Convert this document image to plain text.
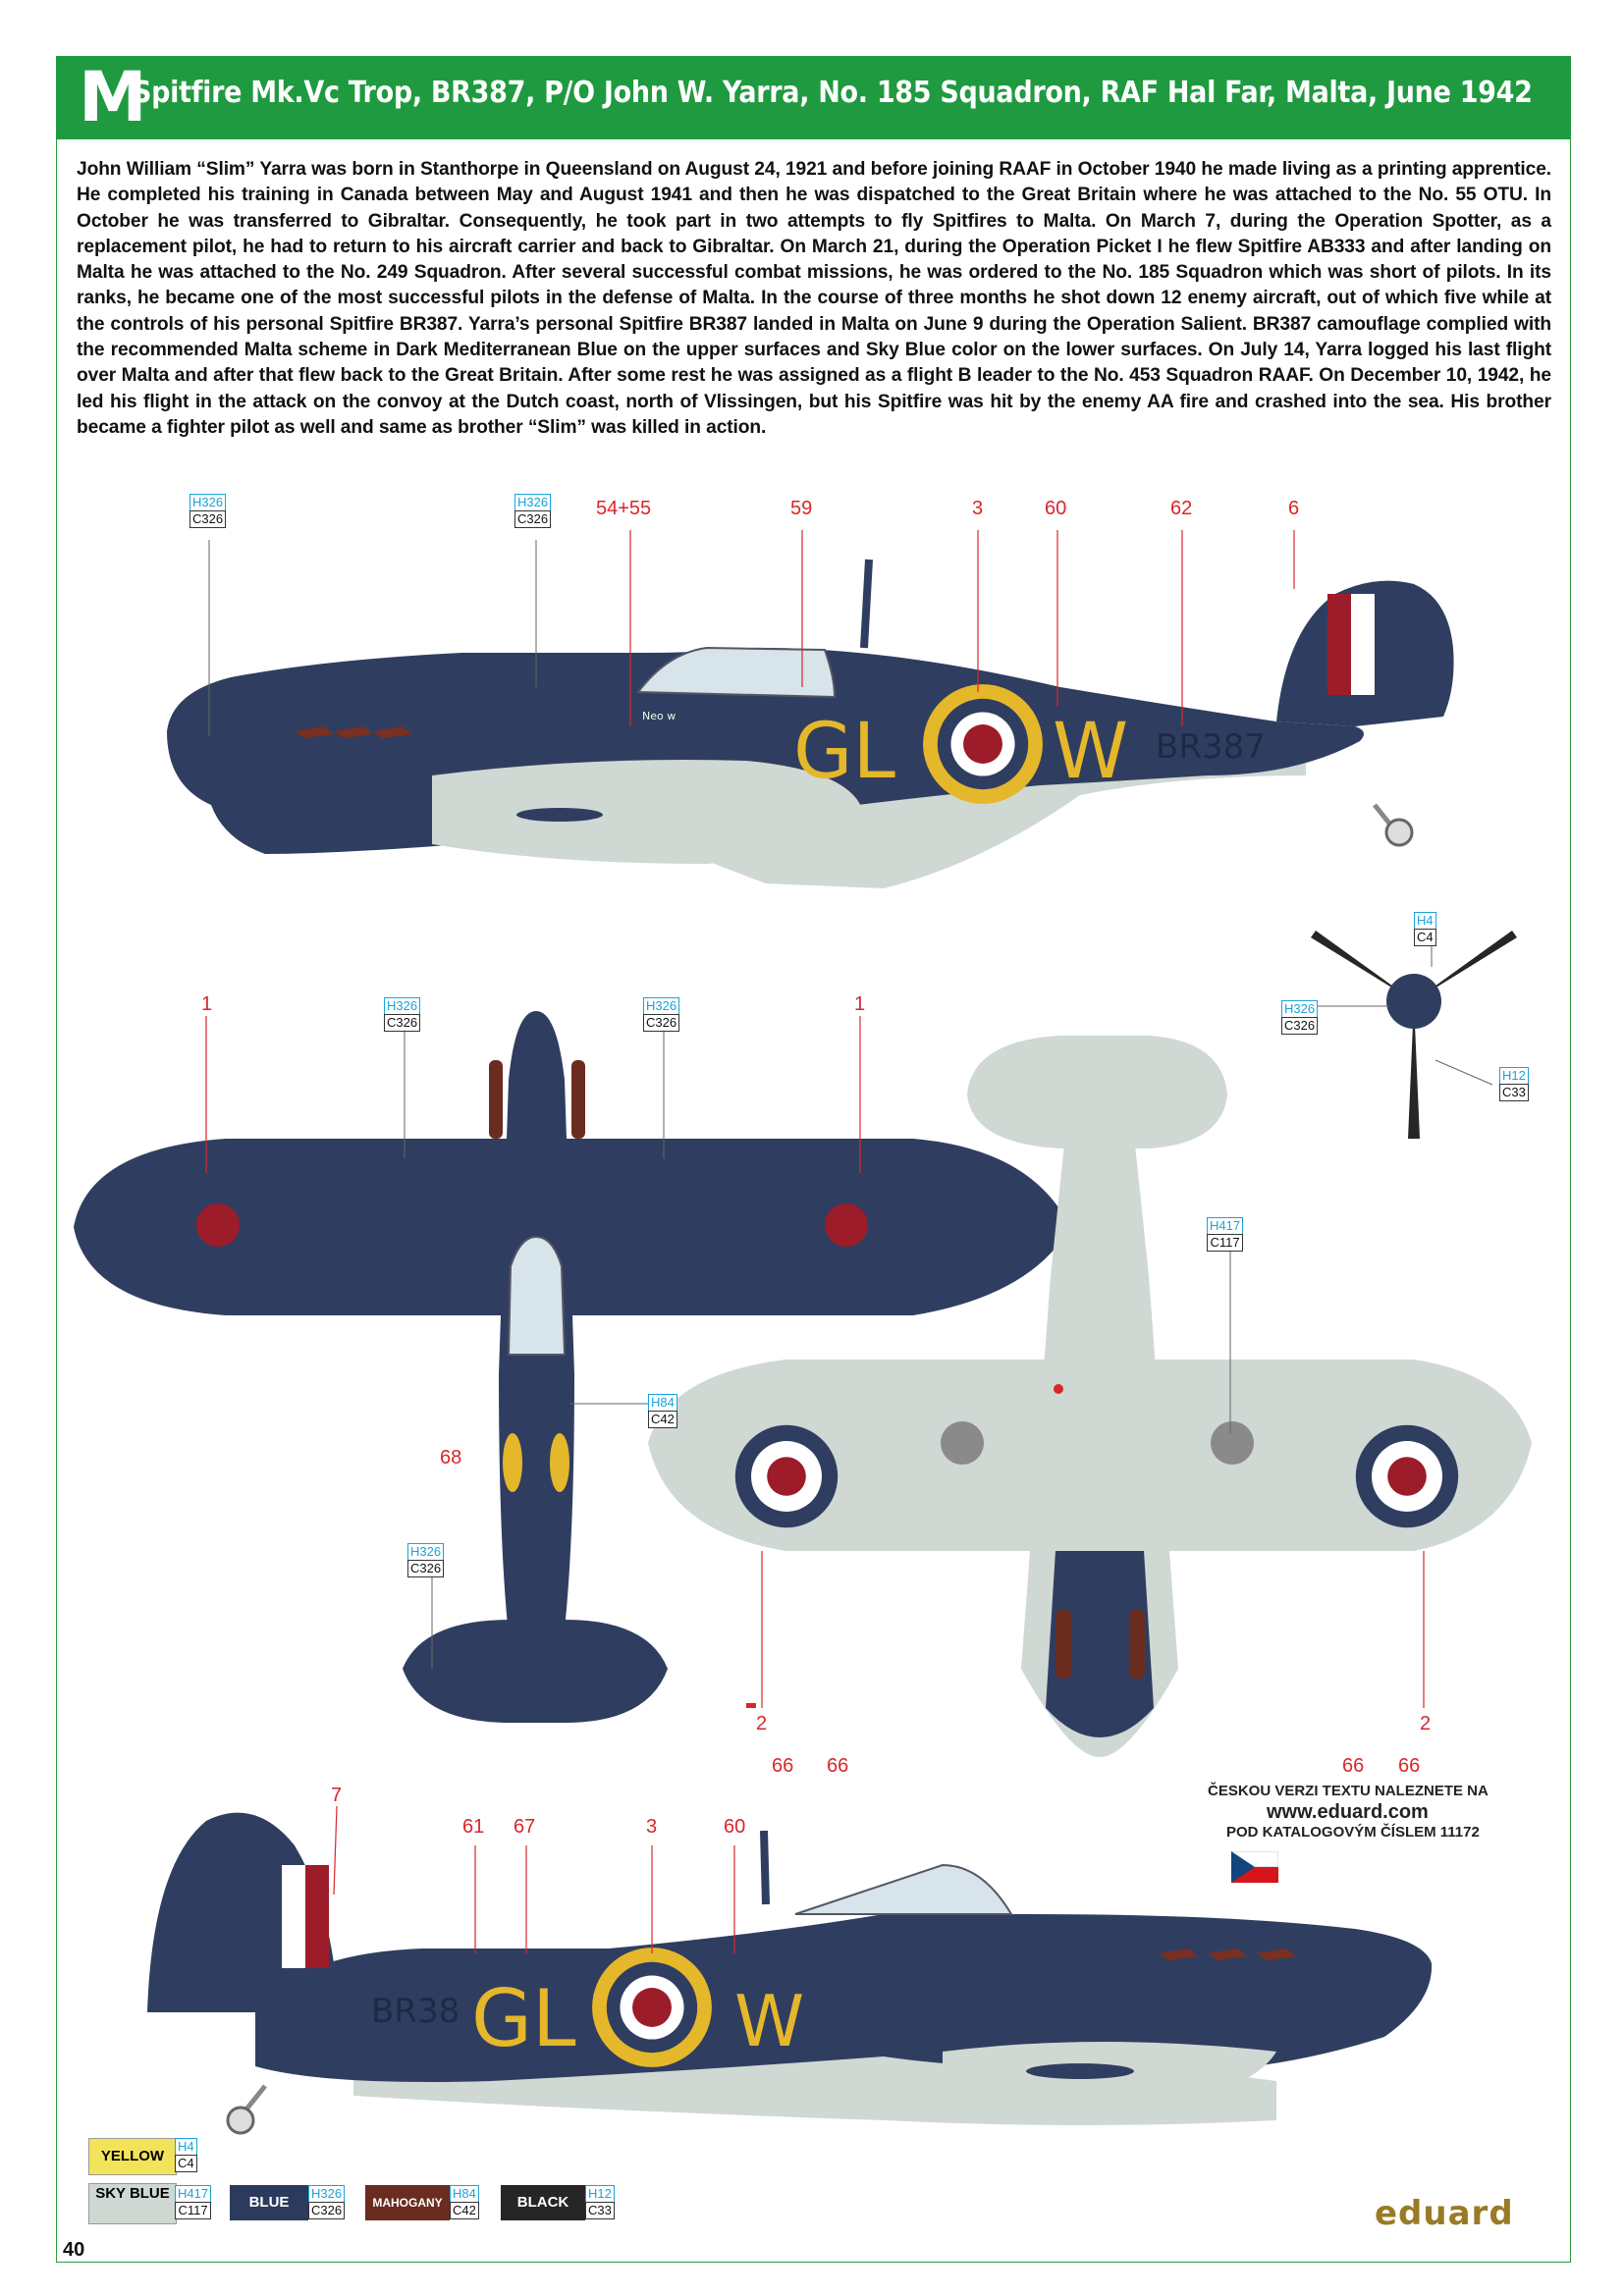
M
Spitfire Mk.Vc Trop, BR387, P/O John W. Yarra, No. 185 Squadron, RAF Hal Far, Malta, June 1942
John William “Slim” Yarra was born in Stanthorpe in Queensland on August 24, 1921 and before joining RAAF in October 1940 he made living as a printing apprentice. He completed his training in Canada between May and August 1941 and then he was dispatched to the Great Britain where he was attached to the No. 55 OTU. In October he was transferred to Gibraltar. Consequently, he took part in two attempts to fly Spitfires to Malta. On March 7, during the Operation Spotter, as a replacement pilot, he had to return to his aircraft carrier and back to Gibraltar. On March 21, during the Operation Picket I he flew Spitfire AB333 and after landing on Malta he was attached to the No. 249 Squadron. After several successful combat missions, he was ordered to the No. 185 Squadron which was short of pilots. In its ranks, he became one of the most successful pilots in the defense of Malta. In the course of three months he shot down 12 enemy aircraft, out of which five while at the controls of his personal Spitfire BR387. Yarra’s personal Spitfire BR387 landed in Malta on June 9 during the Operation Salient. BR387 camouflage complied with the recommended Malta scheme in Dark Mediterranean Blue on the upper surfaces and Sky Blue color on the lower surfaces. On July 14, Yarra logged his last flight over Malta and after that flew back to the Great Britain. After some rest he was assigned as a flight B leader to the No. 453 Squadron RAAF. On December 10, 1942, he led his flight in the attack on the convoy at the Dutch coast, north of Vlissingen, but his Spitfire was hit by the enemy AA fire and crashed into the sea. His brother became a fighter pilot as well and same as brother “Slim” was killed in action.
GL W BR387
Neo w
GL W
BR38
H326
C326
H326
C326
H4
C4
H326
C326
H12
C33
H326
C326
H326
C326
H417
C117
H84
C42
H326
C326
54+55	59	3	60	62	6
1	1
68
2	2
66 66	66 66
7
61 67	3	60
ČESKOU VERZI TEXTU NALEZNETE NA
www.eduard.com
POD KATALOGOVÝM ČÍSLEM 11172
YELLOW
H4
C4
SKY BLUE H417
C117	BLUE
H326
C326	MAHOGANY
H84
C42	BLACK
H12
C33
40
eduard
